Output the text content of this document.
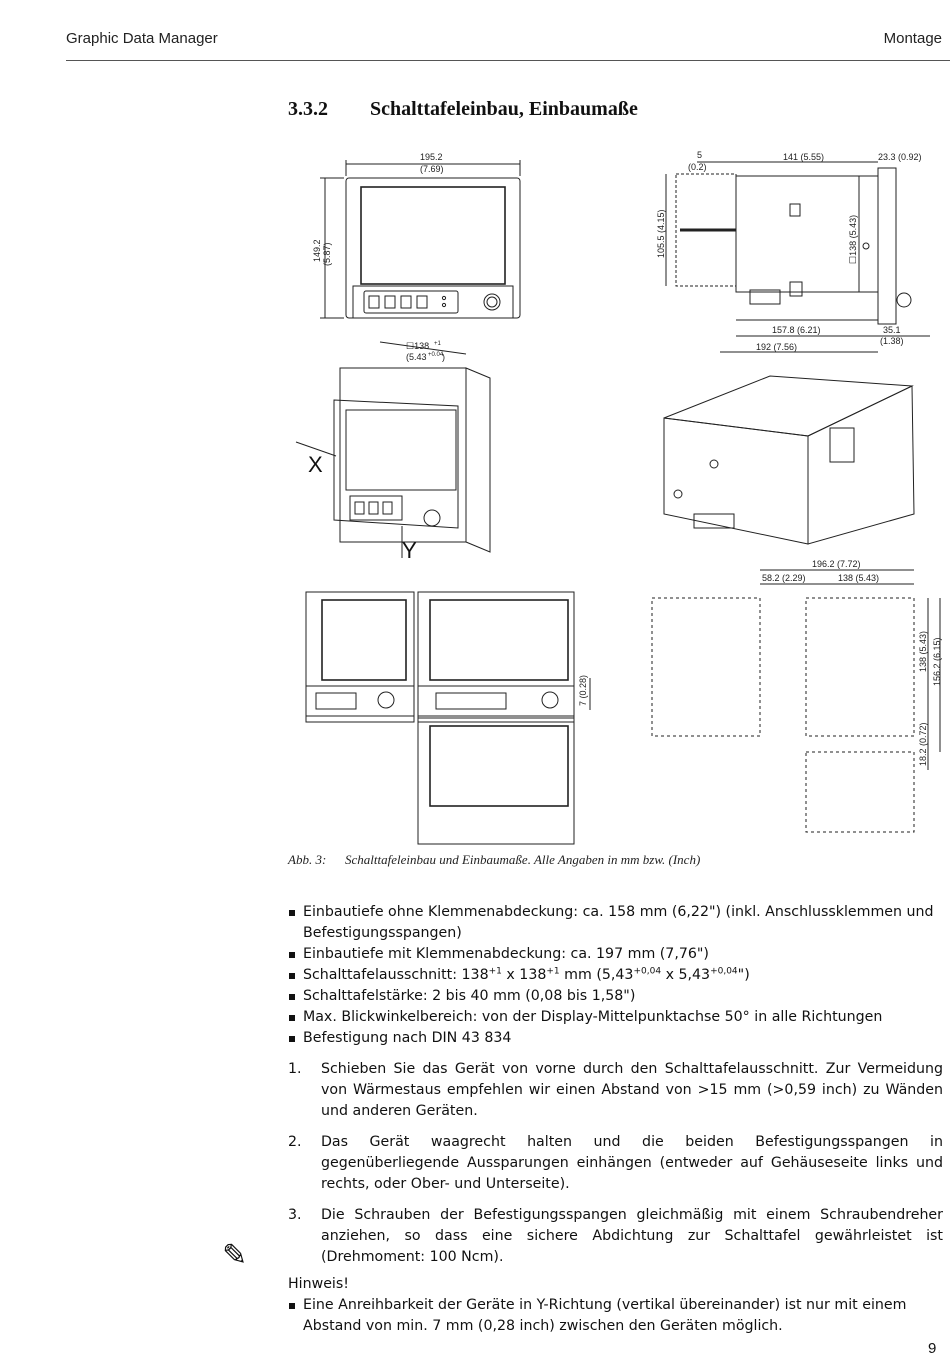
Graphic Data Manager	Montage
3.3.2 Schalttafeleinbau, Einbaumaße
195.2
(7.69)
149.2 (5.87)
5
(0.2)
141 (5.55)	23.3 (0.92)
105.5 (4.15)	☐138 (5.43)
157.8 (6.21)
192 (7.56)
35.1
(1.38)
☐138 +1
(5.43 +0.04
)
X
Y
7 (0.28)
196.2 (7.72)
58.2 (2.29)	138 (5.43)
138 (5.43) 156.2 (6.15)
18.2 (0.72)
Abb. 3: Schalttafeleinbau und Einbaumaße. Alle Angaben in mm bzw. (Inch)
Einbautiefe ohne Klemmenabdeckung: ca. 158 mm (6,22") (inkl. Anschlussklemmen und Befestigungsspangen)
Einbautiefe mit Klemmenabdeckung: ca. 197 mm (7,76")
Schalttafelausschnitt: $138^{+1}$ x $138^{+1}$ mm ($5,43^{+0,04}$ x $5,43^{+0,04}$")
Schalttafelstärke: 2 bis 40 mm (0,08 bis 1,58")
Max. Blickwinkelbereich: von der Display-Mittelpunktachse 50° in alle Richtungen
Befestigung nach DIN 43 834
1. Schieben Sie das Gerät von vorne durch den Schalttafelausschnitt. Zur Vermeidung von Wärmestaus empfehlen wir einen Abstand von >15 mm (>0,59 inch) zu Wänden und anderen Geräten.
2. Das Gerät waagrecht halten und die beiden Befestigungsspangen in gegenüberliegende Aussparungen einhängen (entweder auf Gehäuseseite links und rechts, oder Ober- und Unterseite).
3. Die Schrauben der Befestigungsspangen gleichmäßig mit einem Schraubendreher anziehen, so dass eine sichere Abdichtung zur Schalttafel gewährleistet ist (Drehmoment: 100 Ncm).
Hinweis!
Eine Anreihbarkeit der Geräte in Y-Richtung (vertikal übereinander) ist nur mit einem Abstand von min. 7 mm (0,28 inch) zwischen den Geräten möglich.
✎
9
